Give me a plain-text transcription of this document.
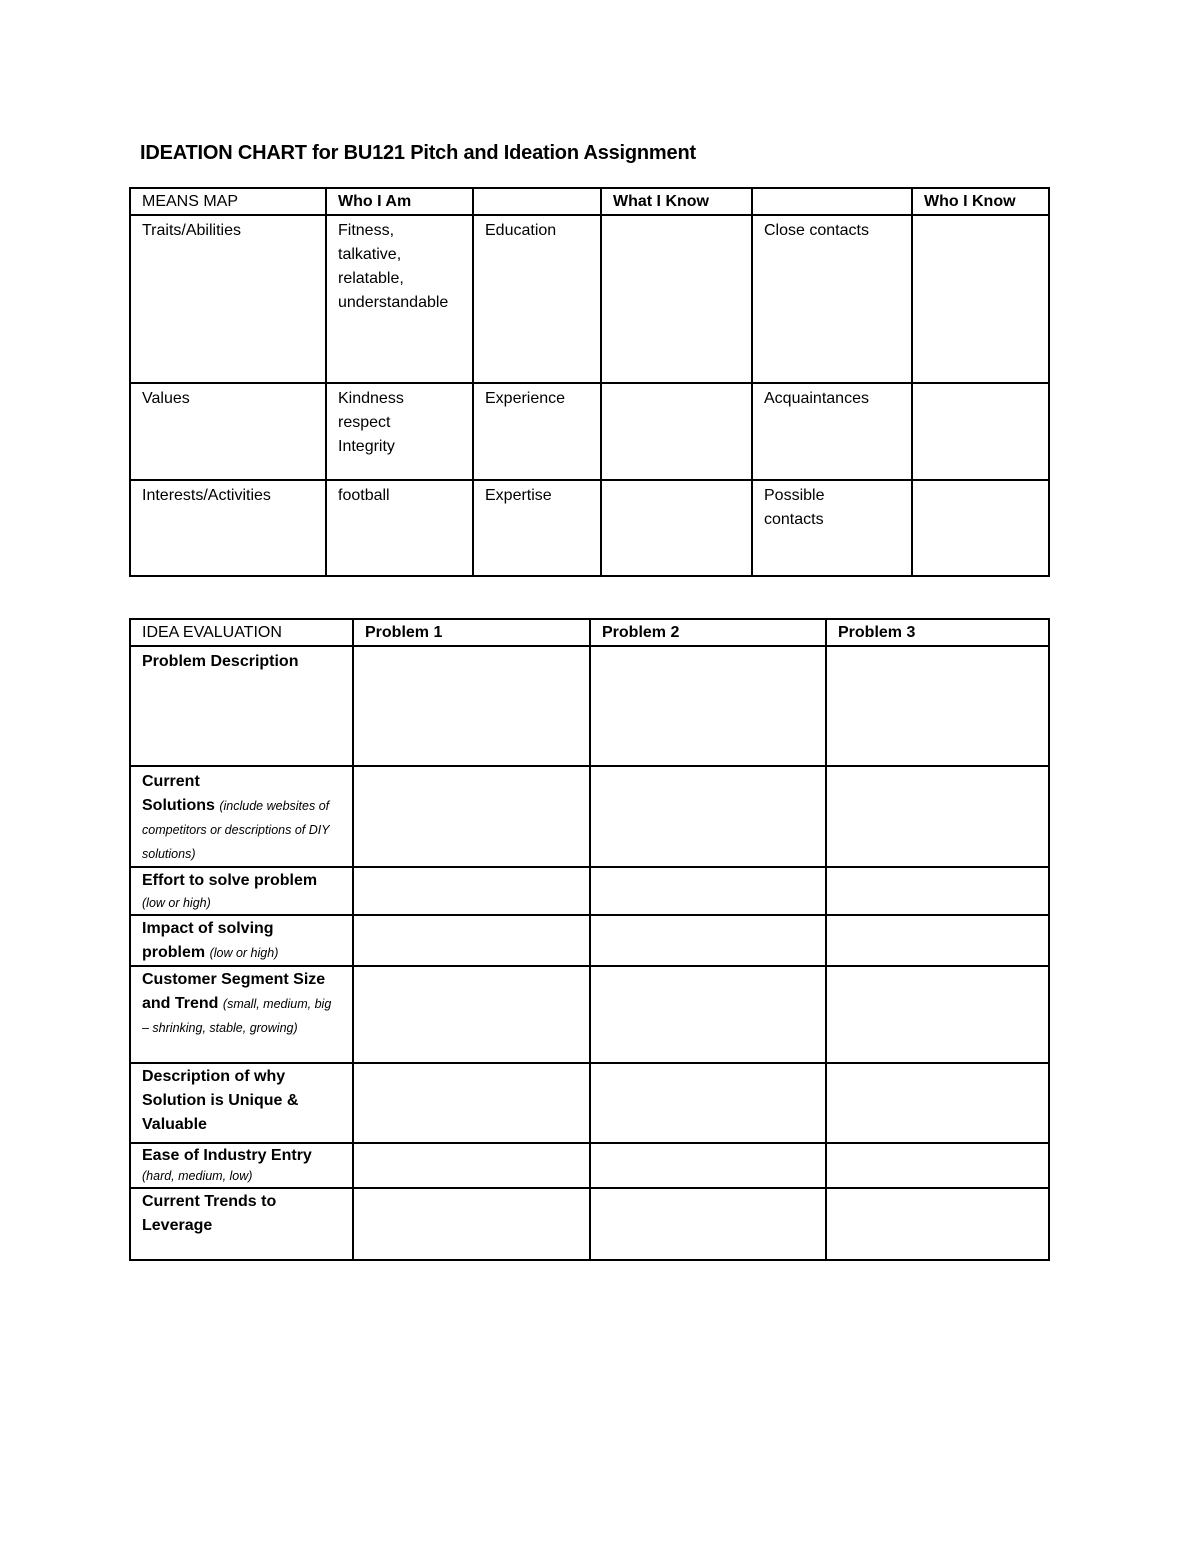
IDEATION CHART for BU121 Pitch and Ideation Assignment
MEANS MAP	Who I Am		What I Know		Who I Know
Traits/Abilities	Fitness,
talkative,
relatable,
understandable	Education		Close contacts	
Values	Kindness
respect
Integrity	Experience		Acquaintances	
Interests/Activities	football	Expertise		Possible
contacts	

IDEA EVALUATION	Problem 1	Problem 2	Problem 3

Problem Description			

Current
Solutions (include websites of competitors or descriptions of DIY solutions)			

Effort to solve problem
(low or high)			

Impact of solving
problem (low or high)			

Customer Segment Size
and Trend (small, medium, big – shrinking, stable, growing)			

Description of why
Solution is Unique &
Valuable			

Ease of Industry Entry
(hard, medium, low)			

Current Trends to
Leverage			
